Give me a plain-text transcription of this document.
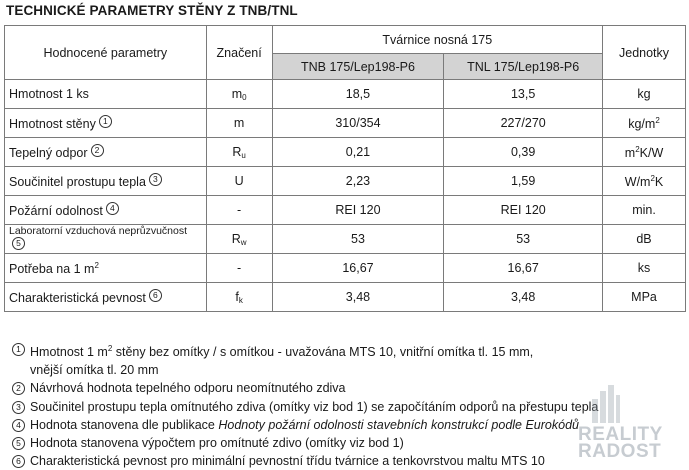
TECHNICKÉ PARAMETRY STĚNY Z TNB/TNL
Hodnocené parametry	Značení	Tvárnice nosná 175		Jednotky
		TNB 175/Lep198-P6	TNL 175/Lep198-P6	
Hmotnost 1 ks	$m_0$	18,5	13,5	kg
Hmotnost stěny 1	m	310/354	227/270	$kg/m^2$
Tepelný odpor 2	$R_u$	0,21	0,39	$m^2K/W$
Součinitel prostupu tepla 3	U	2,23	1,59	$W/m^2K$
Požární odolnost 4	-	REI 120	REI 120	min.
Laboratorní vzduchová neprůzvučnost5	$R_w$	53	53	dB
Potřeba na 1 $m^2$	-	16,67	16,67	ks
Charakteristická pevnost 6	$f_k$	3,48	3,48	MPa
1 Hmotnost 1 $m^2$ stěny bez omítky / s omítkou - uvažována MTS 10, vnitřní omítka tl. 15 mm,
vnější omítka tl. 20 mm
2 Návrhová hodnota tepelného odporu neomítnutého zdiva
3 Součinitel prostupu tepla omítnutého zdiva (omítky viz bod 1) se započítáním odporů na přestupu tepla
4 Hodnota stanovena dle publikace Hodnoty požární odolnosti stavebních konstrukcí podle Eurokódů
5 Hodnota stanovena výpočtem pro omítnuté zdivo (omítky viz bod 1)
6 Charakteristická pevnost pro minimální pevnostní třídu tvárnice a tenkovrstvou maltu MTS 10
REALITY
RADOST
